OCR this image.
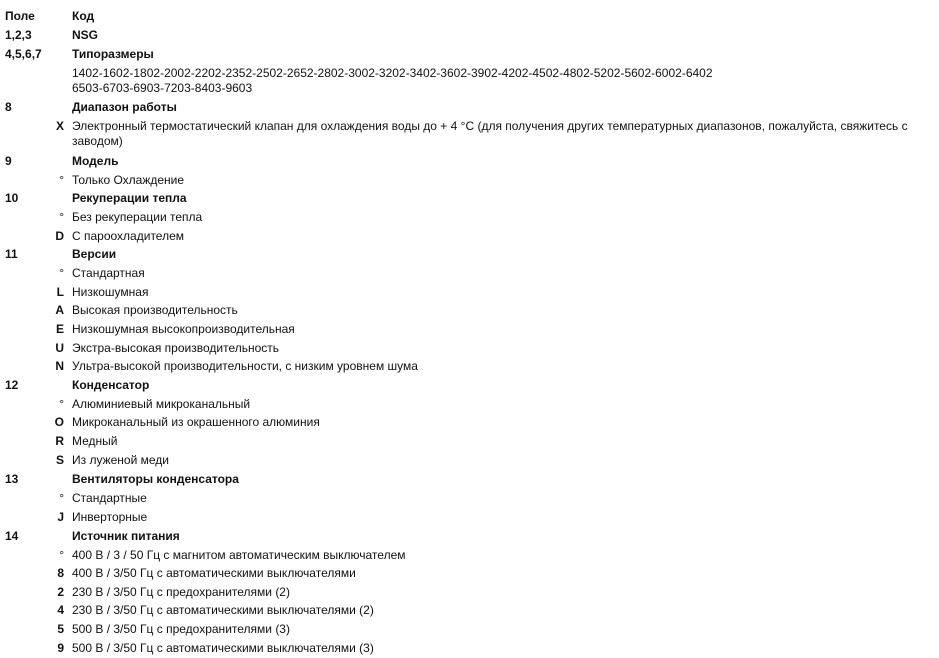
Поле	Код
1,2,3	NSG
4,5,6,7	Типоразмеры
1402-1602-1802-2002-2202-2352-2502-2652-2802-3002-3202-3402-3602-3902-4202-4502-4802-5202-5602-6002-6402
6503-6703-6903-7203-8403-9603
8	Диапазон работы
X Электронный термостатический клапан для охлаждения воды до + 4 °C (для получения других температурных диапазонов, пожалуйста, свяжитесь с заводом)
9	Модель
° Только Охлаждение
10	Рекуперации тепла
° Без рекуперации тепла
D С пароохладителем
11	Версии
° Стандартная
L Низкошумная
A Высокая производительность
E Низкошумная высокопроизводительная
U Экстра-высокая производительность
N Ультра-высокой производительности, с низким уровнем шума
12	Конденсатор
° Алюминиевый микроканальный
O Микроканальный из окрашенного алюминия
R Медный
S Из луженой меди
13	Вентиляторы конденсатора
° Стандартные
J Инверторные
14	Источник питания
° 400 В / 3 / 50 Гц с магнитом автоматическим выключателем
8 400 В / 3/50 Гц с автоматическими выключателями
2 230 В / 3/50 Гц с предохранителями (2)
4 230 В / 3/50 Гц с автоматическими выключателями (2)
5 500 В / 3/50 Гц с предохранителями (3)
9 500 В / 3/50 Гц с автоматическими выключателями (3)
